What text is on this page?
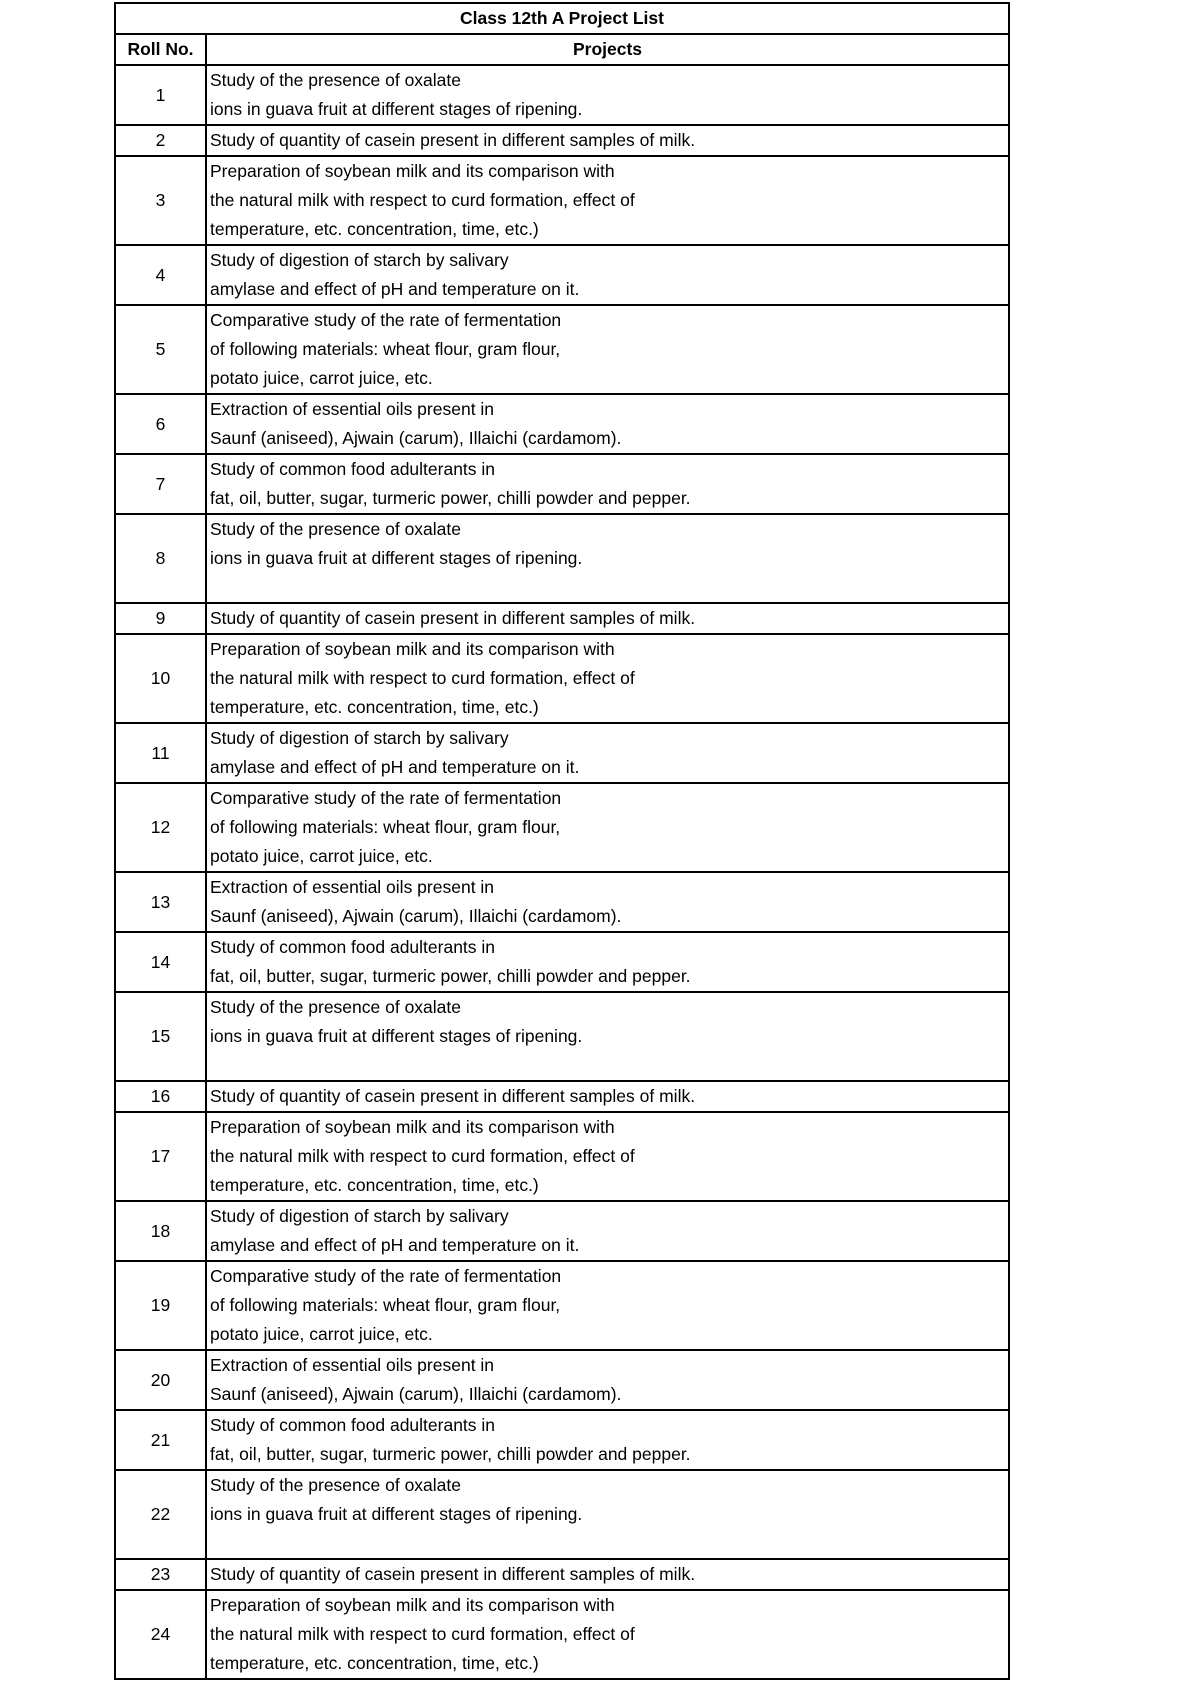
Class 12th A Project List	
Roll No.	Projects
1	Study of the presence of oxalate
ions in guava fruit at different stages of ripening.

2	Study of quantity of casein present in different samples of milk.

3	Preparation of soybean milk and its comparison with
the natural milk with respect to curd formation, effect of
temperature, etc. concentration, time, etc.)

4	Study of digestion of starch by salivary
amylase and effect of pH and temperature on it.

5	Comparative study of the rate of fermentation
of following materials: wheat flour, gram flour,
potato juice, carrot juice, etc.

6	Extraction of essential oils present in
Saunf (aniseed), Ajwain (carum), Illaichi (cardamom).

7	Study of common food adulterants in
fat, oil, butter, sugar, turmeric power, chilli powder and pepper.

8	Study of the presence of oxalate
ions in guava fruit at different stages of ripening.

9	Study of quantity of casein present in different samples of milk.

10	Preparation of soybean milk and its comparison with
the natural milk with respect to curd formation, effect of
temperature, etc. concentration, time, etc.)

11	Study of digestion of starch by salivary
amylase and effect of pH and temperature on it.

12	Comparative study of the rate of fermentation
of following materials: wheat flour, gram flour,
potato juice, carrot juice, etc.

13	Extraction of essential oils present in
Saunf (aniseed), Ajwain (carum), Illaichi (cardamom).

14	Study of common food adulterants in
fat, oil, butter, sugar, turmeric power, chilli powder and pepper.

15	Study of the presence of oxalate
ions in guava fruit at different stages of ripening.

16	Study of quantity of casein present in different samples of milk.

17	Preparation of soybean milk and its comparison with
the natural milk with respect to curd formation, effect of
temperature, etc. concentration, time, etc.)

18	Study of digestion of starch by salivary
amylase and effect of pH and temperature on it.

19	Comparative study of the rate of fermentation
of following materials: wheat flour, gram flour,
potato juice, carrot juice, etc.

20	Extraction of essential oils present in
Saunf (aniseed), Ajwain (carum), Illaichi (cardamom).

21	Study of common food adulterants in
fat, oil, butter, sugar, turmeric power, chilli powder and pepper.

22	Study of the presence of oxalate
ions in guava fruit at different stages of ripening.

23	Study of quantity of casein present in different samples of milk.

24	Preparation of soybean milk and its comparison with
the natural milk with respect to curd formation, effect of
temperature, etc. concentration, time, etc.)
